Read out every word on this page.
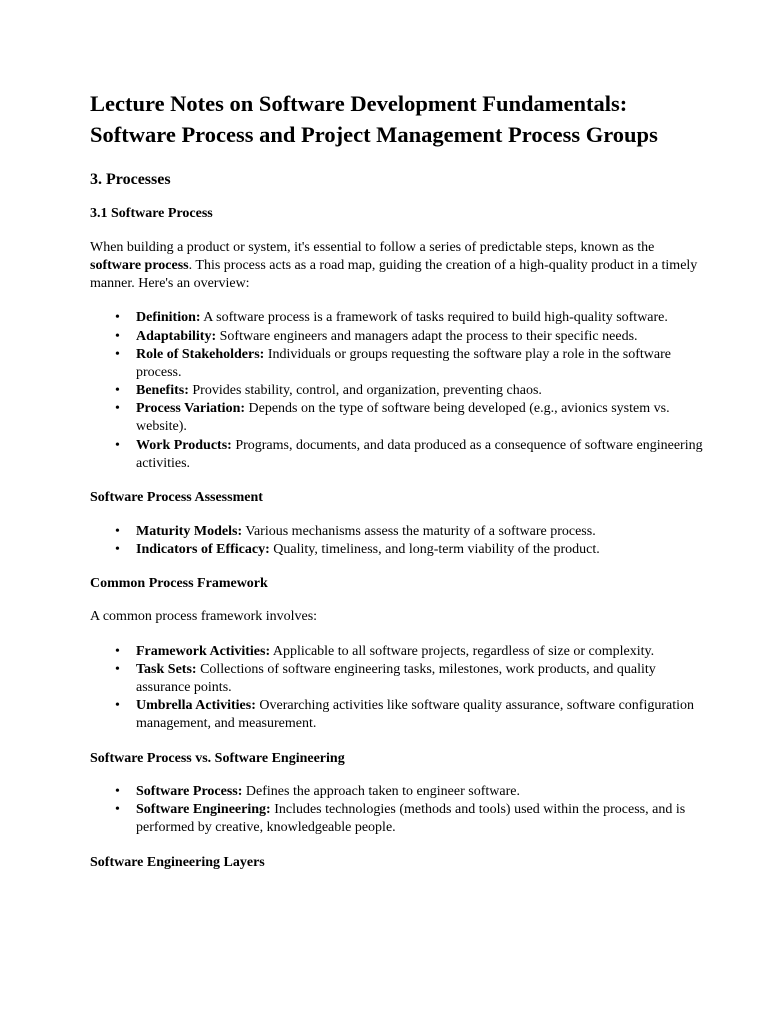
Lecture Notes on Software Development Fundamentals: Software Process and Project Management Process Groups
3. Processes
3.1 Software Process

When building a product or system, it's essential to follow a series of predictable steps, known as the software process. This process acts as a road map, guiding the creation of a high-quality product in a timely manner. Here's an overview:

• Definition: A software process is a framework of tasks required to build high-quality software.
• Adaptability: Software engineers and managers adapt the process to their specific needs.
• Role of Stakeholders: Individuals or groups requesting the software play a role in the software process.
• Benefits: Provides stability, control, and organization, preventing chaos.
• Process Variation: Depends on the type of software being developed (e.g., avionics system vs. website).
• Work Products: Programs, documents, and data produced as a consequence of software engineering activities.
Software Process Assessment
• Maturity Models: Various mechanisms assess the maturity of a software process.
• Indicators of Efficacy: Quality, timeliness, and long-term viability of the product.
Common Process Framework

A common process framework involves:

• Framework Activities: Applicable to all software projects, regardless of size or complexity.
• Task Sets: Collections of software engineering tasks, milestones, work products, and quality assurance points.
• Umbrella Activities: Overarching activities like software quality assurance, software configuration management, and measurement.
Software Process vs. Software Engineering
• Software Process: Defines the approach taken to engineer software.
• Software Engineering: Includes technologies (methods and tools) used within the process, and is performed by creative, knowledgeable people.
Software Engineering Layers
